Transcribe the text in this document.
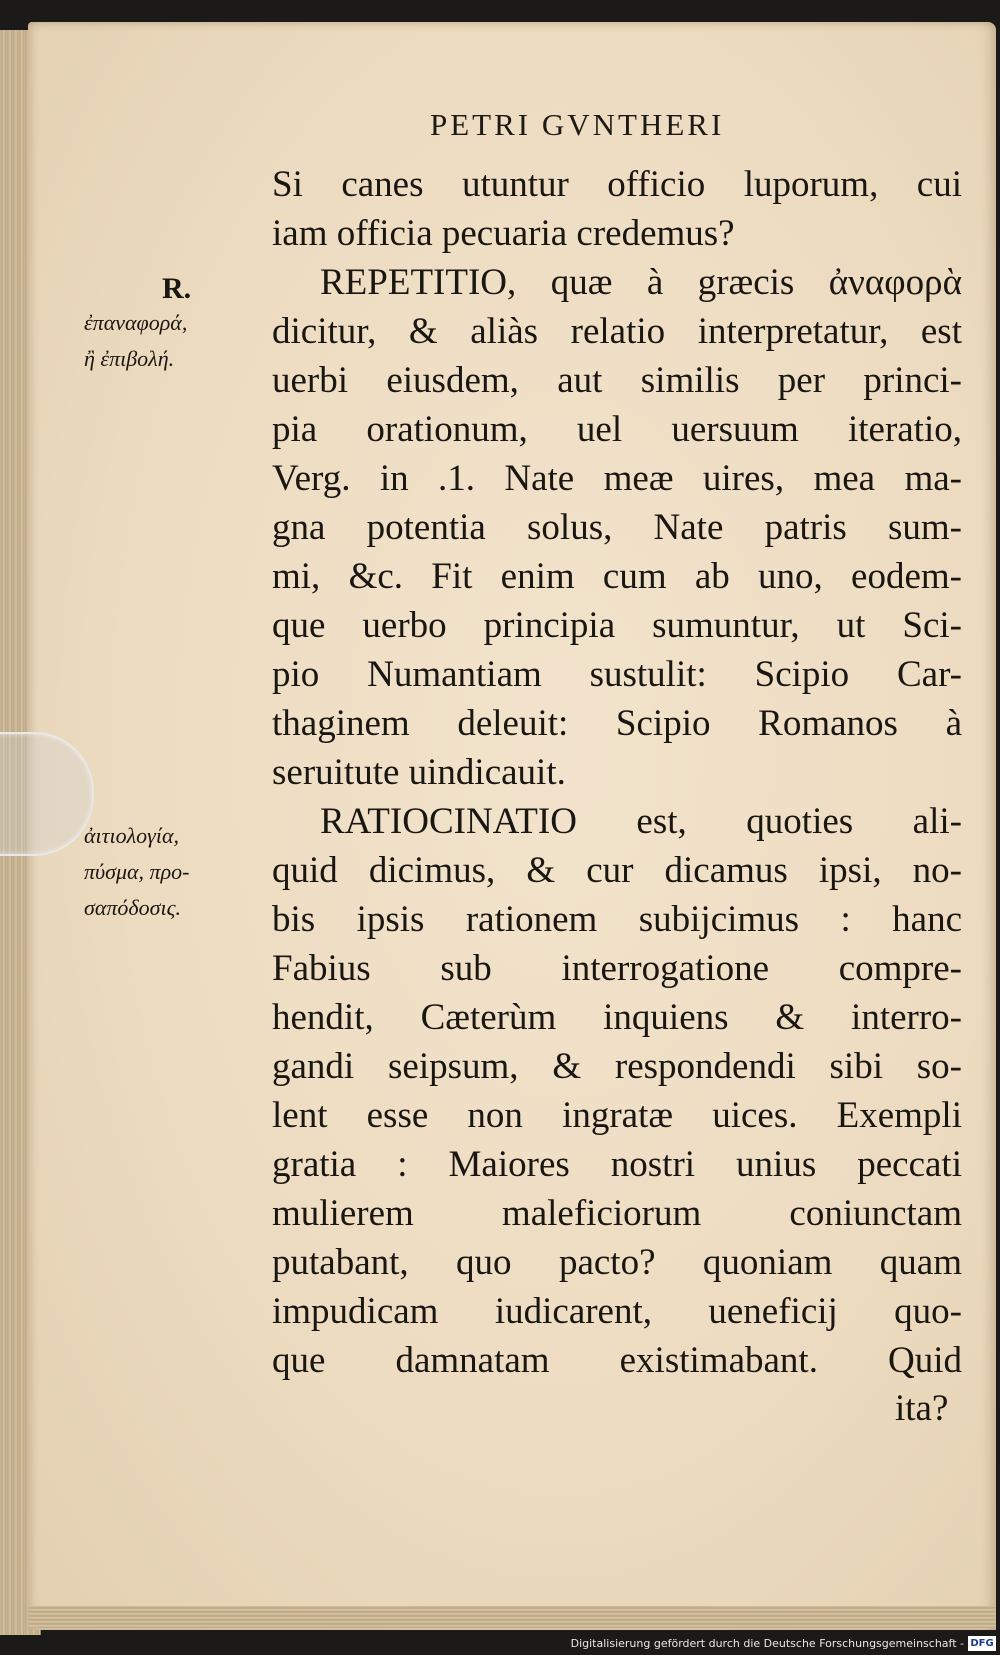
PETRI GVNTHERI
R.
ἐπαναφορά,
ἢ ἐπιβολή.
ἀιτιολογία,
πύσμα, προ-
σαπόδοσις.
Si canes utuntur officio luporum, cui
iam officia pecuaria credemus?
REPETITIO, quæ à græcis ἀναφορὰ
dicitur, & aliàs relatio interpretatur, est
uerbi eiusdem, aut similis per princi-
pia orationum, uel uersuum iteratio,
Verg. in .1. Nate meæ uires, mea ma-
gna potentia solus, Nate patris sum-
mi, &c. Fit enim cum ab uno, eodem-
que uerbo principia sumuntur, ut Sci-
pio Numantiam sustulit: Scipio Car-
thaginem deleuit: Scipio Romanos à
seruitute uindicauit.
RATIOCINATIO est, quoties ali-
quid dicimus, & cur dicamus ipsi, no-
bis ipsis rationem subijcimus : hanc
Fabius sub interrogatione compre-
hendit, Cæterùm inquiens & interro-
gandi seipsum, & respondendi sibi so-
lent esse non ingratæ uices. Exempli
gratia : Maiores nostri unius peccati
mulierem maleficiorum coniunctam
putabant, quo pacto? quoniam quam
impudicam iudicarent, ueneficij quo-
que damnatam existimabant. Quid
ita?
Digitalisierung gefördert durch die Deutsche Forschungsgemeinschaft - DFG
